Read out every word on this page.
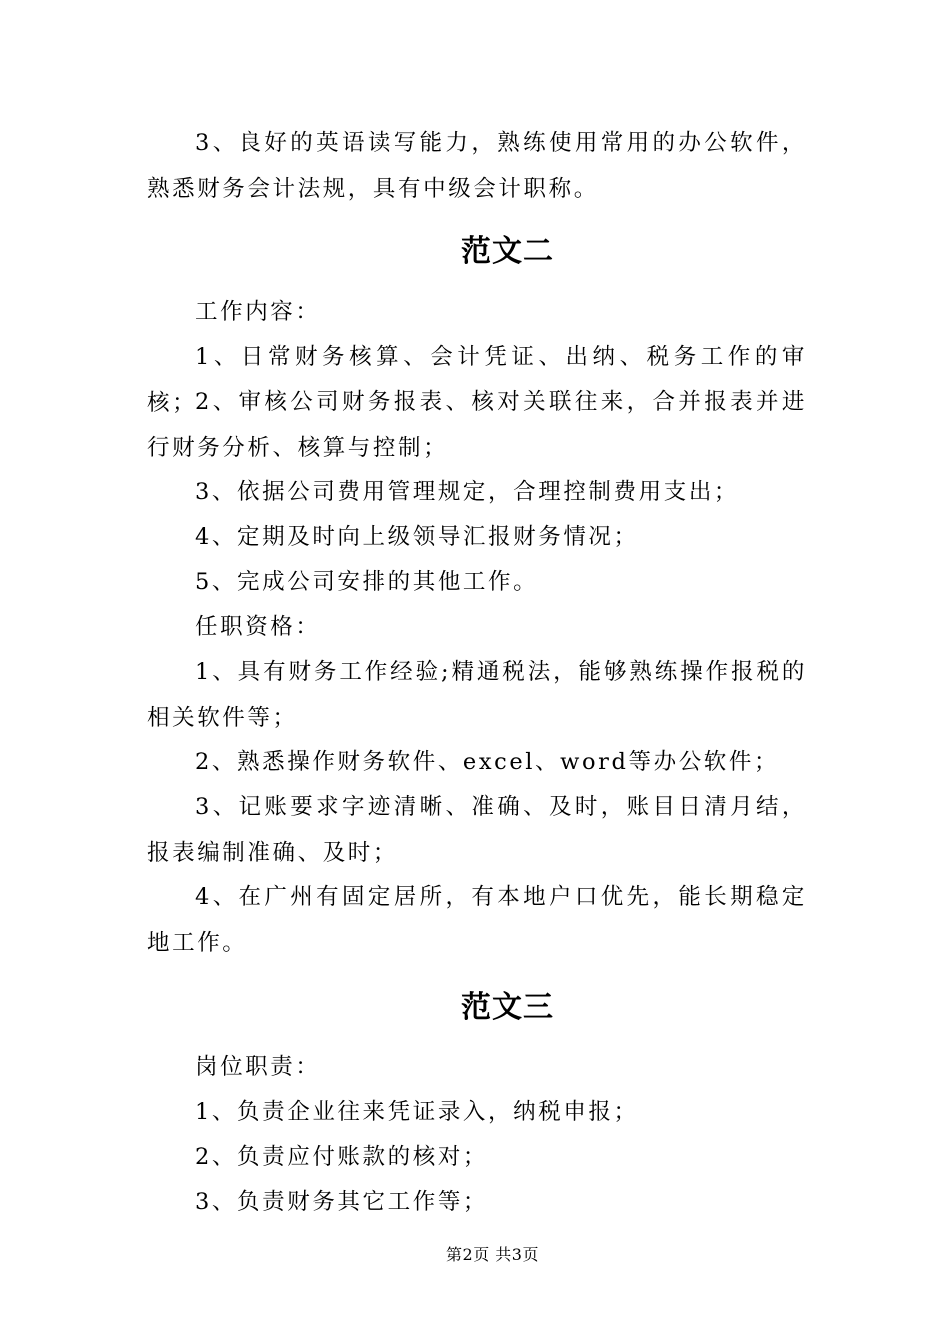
3、良好的英语读写能力，熟练使用常用的办公软件，熟悉财务会计法规，具有中级会计职称。

范文二

工作内容：

1、日常财务核算、会计凭证、出纳、税务工作的审核；

2、审核公司财务报表、核对关联往来，合并报表并进行财务分析、核算与控制；

3、依据公司费用管理规定，合理控制费用支出；

4、定期及时向上级领导汇报财务情况；

5、完成公司安排的其他工作。

任职资格：

1、具有财务工作经验;精通税法，能够熟练操作报税的相关软件等；

2、熟悉操作财务软件、excel、word等办公软件；

3、记账要求字迹清晰、准确、及时，账目日清月结，报表编制准确、及时；

4、在广州有固定居所，有本地户口优先，能长期稳定地工作。

范文三

岗位职责：

1、负责企业往来凭证录入，纳税申报；

2、负责应付账款的核对；

3、负责财务其它工作等；

第2页 共3页
